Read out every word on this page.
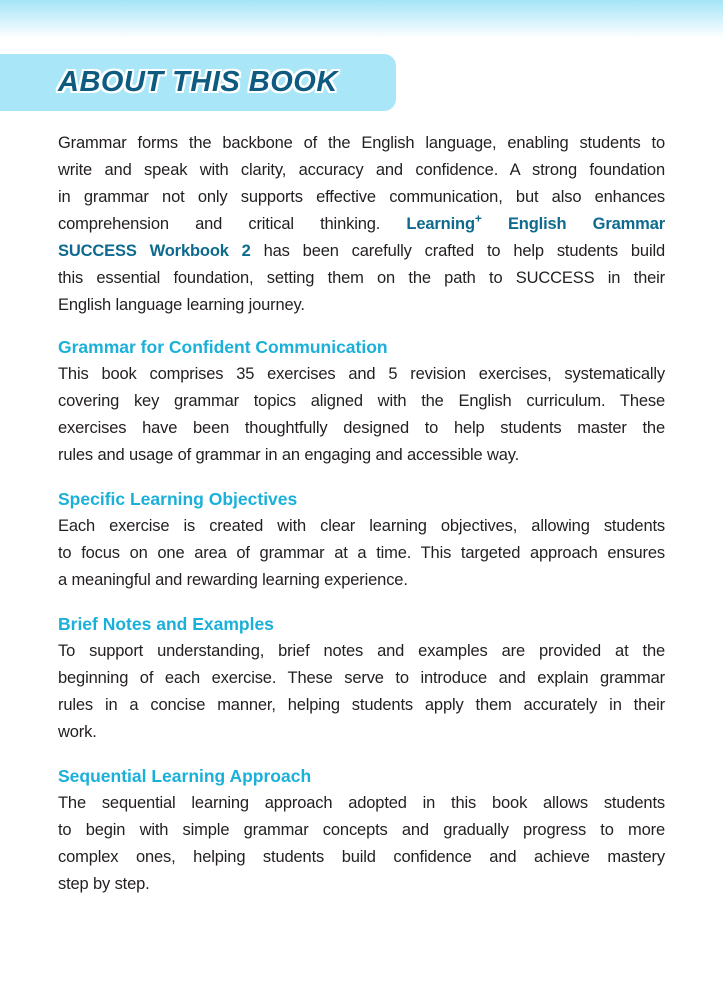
ABOUT THIS BOOK
Grammar forms the backbone of the English language, enabling students to
write and speak with clarity, accuracy and confidence. A strong foundation
in grammar not only supports effective communication, but also enhances
comprehension and critical thinking. Learning+ English Grammar
SUCCESS Workbook 2 has been carefully crafted to help students build
this essential foundation, setting them on the path to SUCCESS in their
English language learning journey.
Grammar for Confident Communication
This book comprises 35 exercises and 5 revision exercises, systematically
covering key grammar topics aligned with the English curriculum. These
exercises have been thoughtfully designed to help students master the
rules and usage of grammar in an engaging and accessible way.
Specific Learning Objectives
Each exercise is created with clear learning objectives, allowing students
to focus on one area of grammar at a time. This targeted approach ensures
a meaningful and rewarding learning experience.
Brief Notes and Examples
To support understanding, brief notes and examples are provided at the
beginning of each exercise. These serve to introduce and explain grammar
rules in a concise manner, helping students apply them accurately in their
work.
Sequential Learning Approach
The sequential learning approach adopted in this book allows students
to begin with simple grammar concepts and gradually progress to more
complex ones, helping students build confidence and achieve mastery
step by step.
